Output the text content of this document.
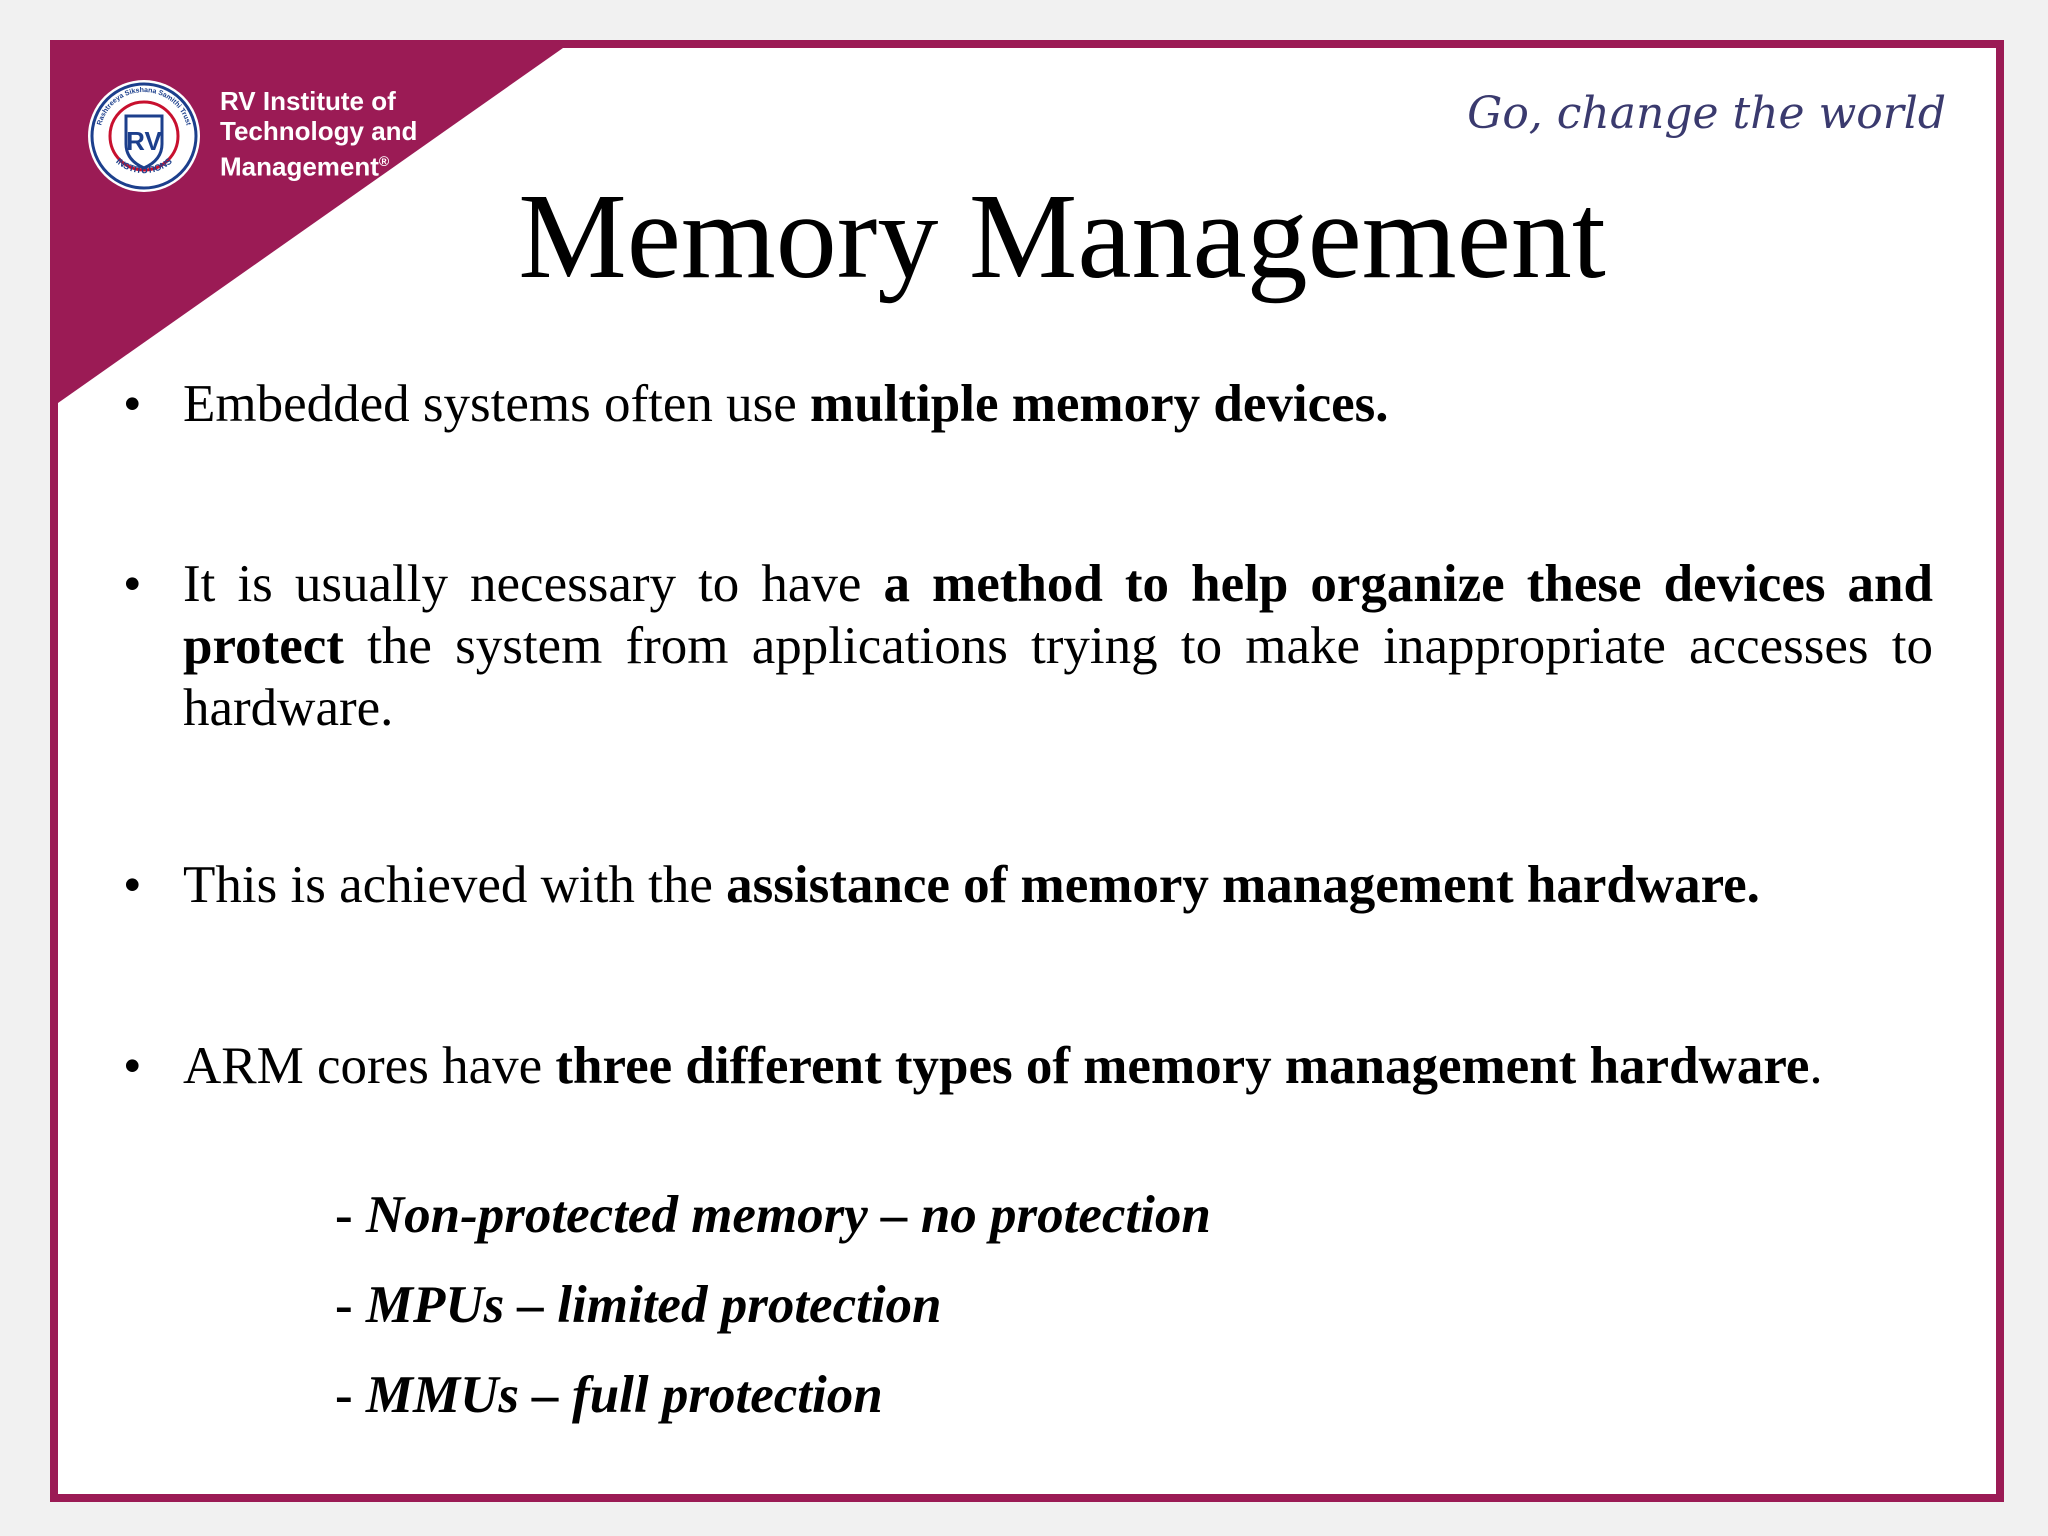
RV
Rashtreeya Sikshana Samithi Trust
INSTITUTIONS
RV Institute of
Technology and
Management®
Go, change the world
Memory Management
• Embedded systems often use multiple memory devices.
• It is usually necessary to have a method to help organize these devices and protect the system from applications trying to make inappropriate accesses to hardware.
• This is achieved with the assistance of memory management hardware.
• ARM cores have three different types of memory management hardware.
- Non-protected memory – no protection
- MPUs – limited protection
- MMUs – full protection
